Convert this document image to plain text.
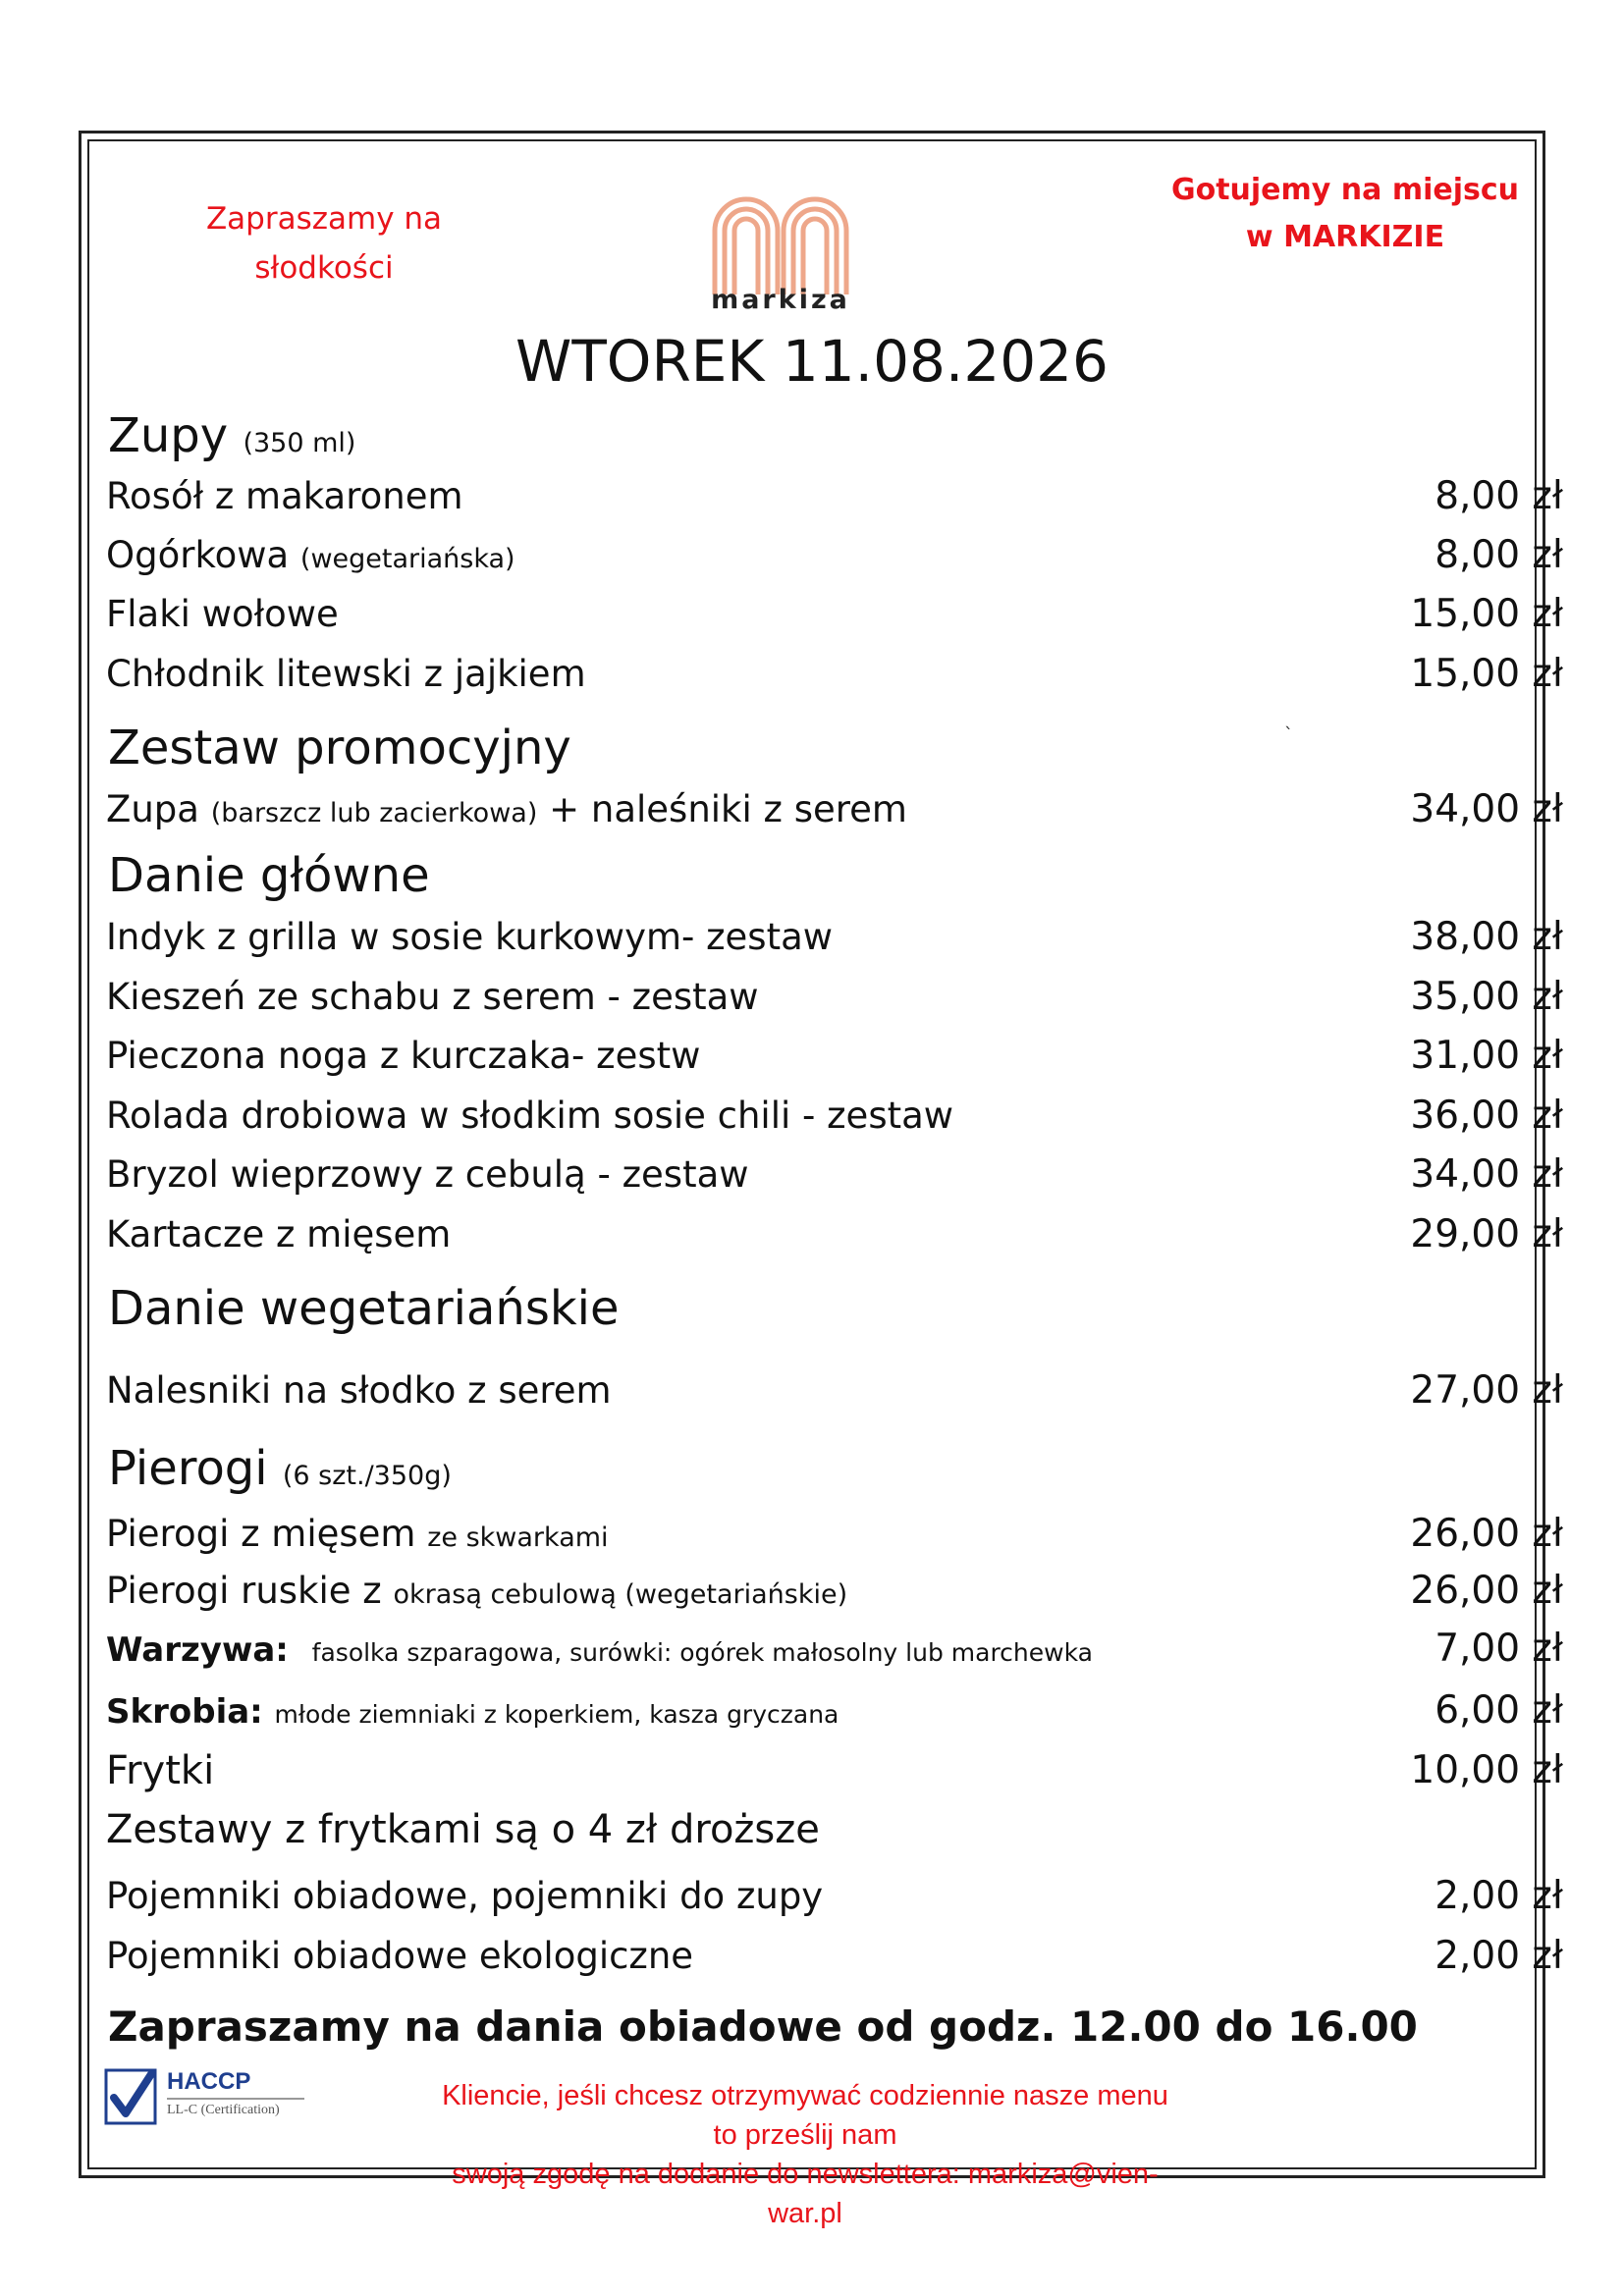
Zapraszamy na
słodkości
markiza
Gotujemy na miejscu
w MARKIZIE
WTOREK 11.08.2026
Zupy (350 ml)
Rosół z makaronem	8,00 zł
Ogórkowa (wegetariańska)	8,00 zł
Flaki wołowe	15,00 zł
Chłodnik litewski z jajkiem	15,00 zł
Zestaw promocyjny	`
Zupa (barszcz lub zacierkowa) + naleśniki z serem	34,00 zł
Danie główne
Indyk z grilla w sosie kurkowym- zestaw	38,00 zł
Kieszeń ze schabu z serem - zestaw	35,00 zł
Pieczona noga z kurczaka- zestw	31,00 zł
Rolada drobiowa w słodkim sosie chili - zestaw	36,00 zł
Bryzol wieprzowy z cebulą - zestaw	34,00 zł
Kartacze z mięsem	29,00 zł
Danie wegetariańskie
Nalesniki na słodko z serem	27,00 zł
Pierogi (6 szt./350g)
Pierogi z mięsem ze skwarkami	26,00 zł
Pierogi ruskie z okrasą cebulową (wegetariańskie)	26,00 zł
Warzywa: fasolka szparagowa, surówki: ogórek małosolny lub marchewka	7,00 zł
Skrobia: młode ziemniaki z koperkiem, kasza gryczana	6,00 zł
Frytki	10,00 zł
Zestawy z frytkami są o 4 zł droższe
Pojemniki obiadowe, pojemniki do zupy	2,00 zł
Pojemniki obiadowe ekologiczne	2,00 zł
Zapraszamy na dania obiadowe od godz. 12.00 do 16.00
HACCP
LL-C (Certification)	Kliencie, jeśli chcesz otrzymywać codziennie nasze menu to prześlij nam
swoją zgodę na dodanie do newslettera: markiza@vien-war.pl
